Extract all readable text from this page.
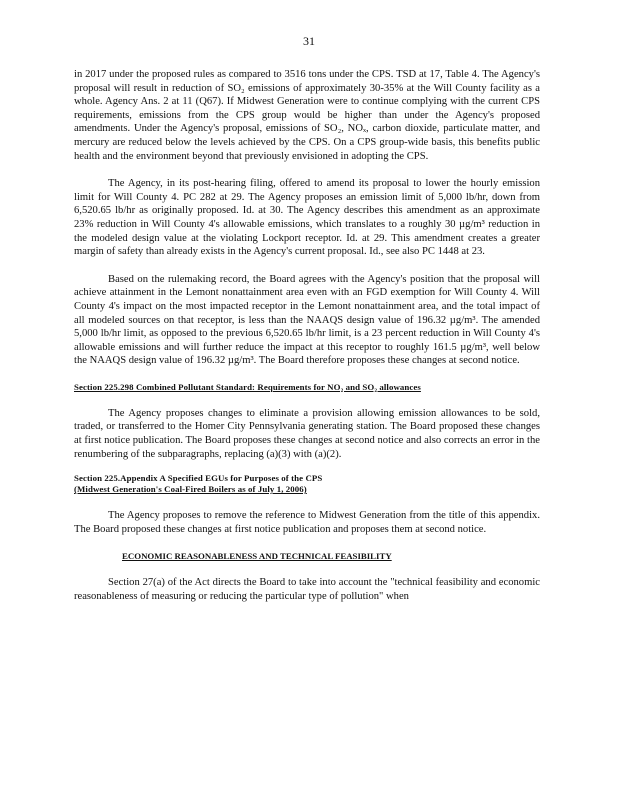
31

in 2017 under the proposed rules as compared to 3516 tons under the CPS. TSD at 17, Table 4. The Agency's proposal will result in reduction of SO₂ emissions of approximately 30-35% at the Will County facility as a whole. Agency Ans. 2 at 11 (Q67). If Midwest Generation were to continue complying with the current CPS requirements, emissions from the CPS group would be higher than under the Agency's proposed amendments. Under the Agency's proposal, emissions of SO₂, NOₓ, carbon dioxide, particulate matter, and mercury are reduced below the levels achieved by the CPS. On a CPS group-wide basis, this benefits public health and the environment beyond that previously envisioned in adopting the CPS.

The Agency, in its post-hearing filing, offered to amend its proposal to lower the hourly emission limit for Will County 4. PC 282 at 29. The Agency proposes an emission limit of 5,000 lb/hr, down from 6,520.65 lb/hr as originally proposed. Id. at 30. The Agency describes this amendment as an approximate 23% reduction in Will County 4's allowable emissions, which translates to a roughly 30 µg/m³ reduction in the modeled design value at the violating Lockport receptor. Id. at 29. This amendment creates a greater margin of safety than already exists in the Agency's current proposal. Id., see also PC 1448 at 23.

Based on the rulemaking record, the Board agrees with the Agency's position that the proposal will achieve attainment in the Lemont nonattainment area even with an FGD exemption for Will County 4. Will County 4's impact on the most impacted receptor in the Lemont nonattainment area, and the total impact of all modeled sources on that receptor, is less than the NAAQS design value of 196.32 µg/m³. The amended 5,000 lb/hr limit, as opposed to the previous 6,520.65 lb/hr limit, is a 23 percent reduction in Will County 4's allowable emissions and will further reduce the impact at this receptor to roughly 161.5 µg/m³, well below the NAAQS design value of 196.32 µg/m³. The Board therefore proposes these changes at second notice.

Section 225.298 Combined Pollutant Standard: Requirements for NO₂ and SO₂ allowances

The Agency proposes changes to eliminate a provision allowing emission allowances to be sold, traded, or transferred to the Homer City Pennsylvania generating station. The Board proposed these changes at first notice publication. The Board proposes these changes at second notice and also corrects an error in the renumbering of the subparagraphs, replacing (a)(3) with (a)(2).

Section 225.Appendix A Specified EGUs for Purposes of the CPS
(Midwest Generation's Coal-Fired Boilers as of July 1, 2006)

The Agency proposes to remove the reference to Midwest Generation from the title of this appendix. The Board proposed these changes at first notice publication and proposes them at second notice.

ECONOMIC REASONABLENESS AND TECHNICAL FEASIBILITY

Section 27(a) of the Act directs the Board to take into account the "technical feasibility and economic reasonableness of measuring or reducing the particular type of pollution" when
